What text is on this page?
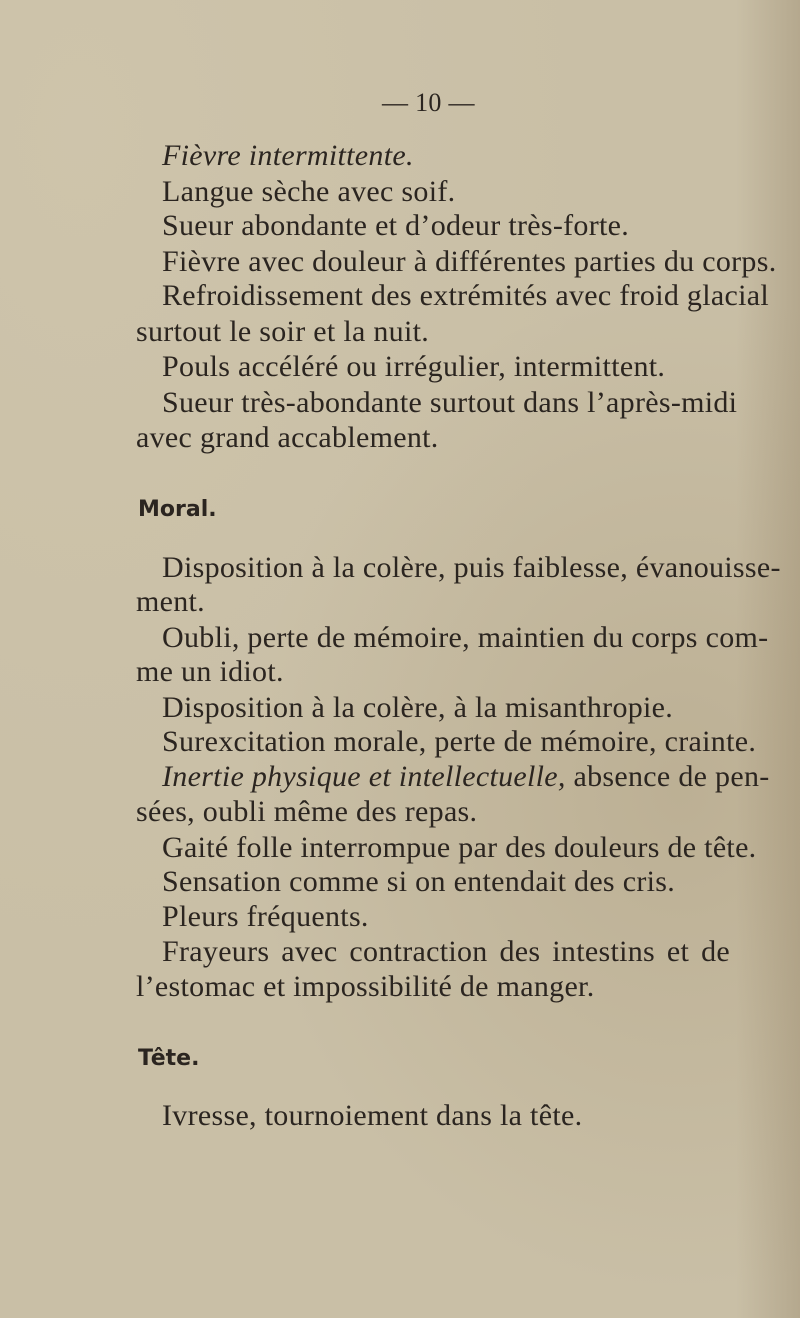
— 10 —
Fièvre intermittente.
Langue sèche avec soif.
Sueur abondante et d’odeur très-forte.
Fièvre avec douleur à différentes parties du corps.
Refroidissement des extrémités avec froid glacial
surtout le soir et la nuit.
Pouls accéléré ou irrégulier, intermittent.
Sueur très-abondante surtout dans l’après-midi
avec grand accablement.
Moral.
Disposition à la colère, puis faiblesse, évanouisse-
ment.
Oubli, perte de mémoire, maintien du corps com-
me un idiot.
Disposition à la colère, à la misanthropie.
Surexcitation morale, perte de mémoire, crainte.
Inertie physique et intellectuelle, absence de pen-
sées, oubli même des repas.
Gaité folle interrompue par des douleurs de tête.
Sensation comme si on entendait des cris.
Pleurs fréquents.
Frayeurs avec contraction des intestins et de
l’estomac et impossibilité de manger.
Tête.
Ivresse, tournoiement dans la tête.
